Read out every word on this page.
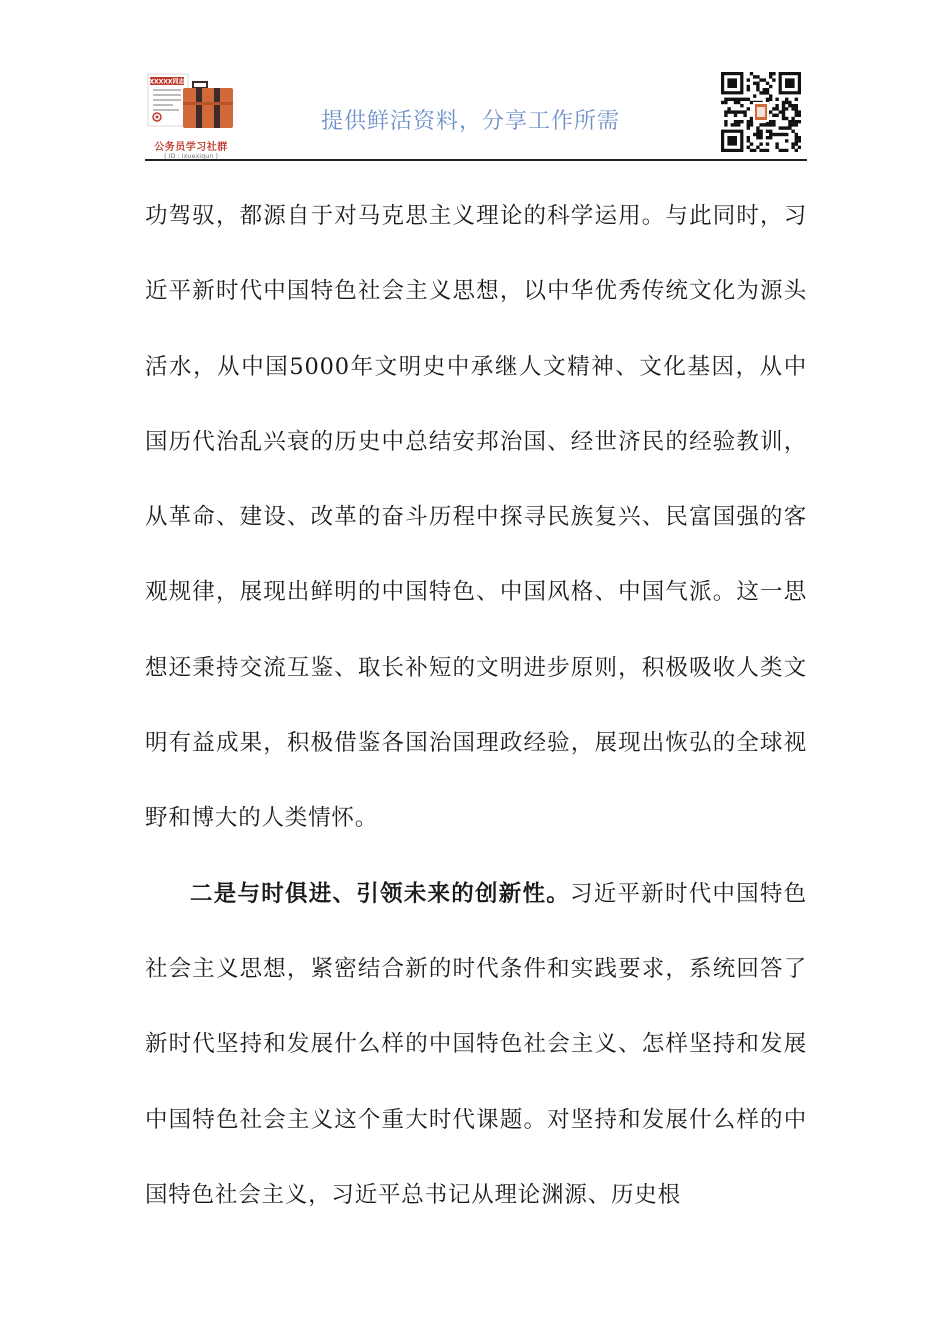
XXXXX同志
公务员学习社群
( ID : ixuexiqun )
提供鲜活资料，分享工作所需

功驾驭，都源自于对马克思主义理论的科学运用。与此同时，习近平新时代中国特色社会主义思想，以中华优秀传统文化为源头活水，从中国5000年文明史中承继人文精神、文化基因，从中国历代治乱兴衰的历史中总结安邦治国、经世济民的经验教训，从革命、建设、改革的奋斗历程中探寻民族复兴、民富国强的客观规律，展现出鲜明的中国特色、中国风格、中国气派。这一思想还秉持交流互鉴、取长补短的文明进步原则，积极吸收人类文明有益成果，积极借鉴各国治国理政经验，展现出恢弘的全球视野和博大的人类情怀。

二是与时俱进、引领未来的创新性。习近平新时代中国特色社会主义思想，紧密结合新的时代条件和实践要求，系统回答了新时代坚持和发展什么样的中国特色社会主义、怎样坚持和发展中国特色社会主义这个重大时代课题。对坚持和发展什么样的中国特色社会主义，习近平总书记从理论渊源、历史根
